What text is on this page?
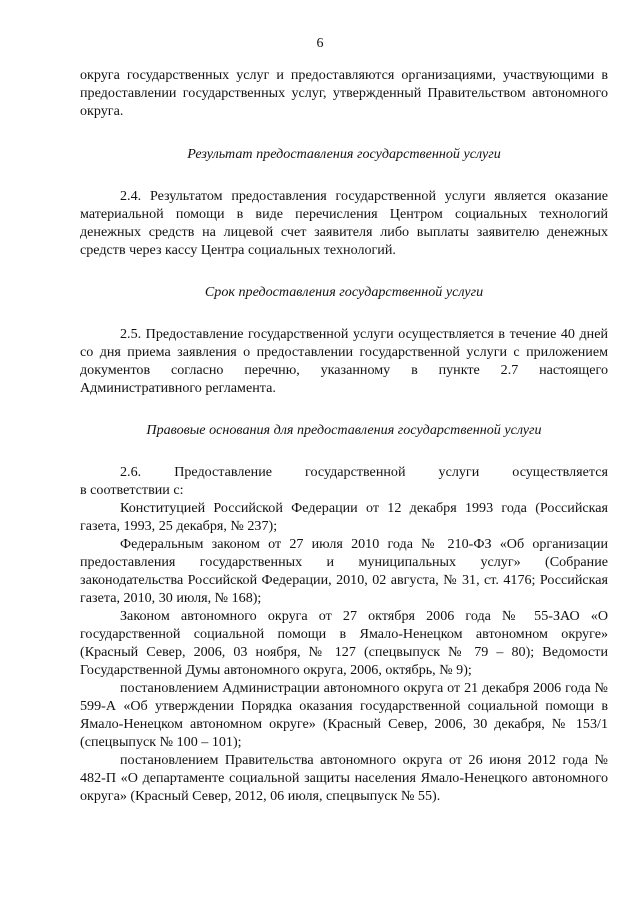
6

округа государственных услуг и предоставляются организациями, участвующими в предоставлении государственных услуг, утвержденный Правительством автономного округа.

Результат предоставления государственной услуги

2.4. Результатом предоставления государственной услуги является оказание материальной помощи в виде перечисления Центром социальных технологий денежных средств на лицевой счет заявителя либо выплаты заявителю денежных средств через кассу Центра социальных технологий.

Срок предоставления государственной услуги

2.5. Предоставление государственной услуги осуществляется в течение 40 дней со дня приема заявления о предоставлении государственной услуги с приложением документов согласно перечню, указанному в пункте 2.7 настоящего Административного регламента.

Правовые основания для предоставления государственной услуги

2.6. Предоставление государственной услуги осуществляется

в соответствии с:

Конституцией Российской Федерации от 12 декабря 1993 года (Российская газета, 1993, 25 декабря, № 237);

Федеральным законом от 27 июля 2010 года № 210-ФЗ «Об организации предоставления государственных и муниципальных услуг» (Собрание законодательства Российской Федерации, 2010, 02 августа, № 31, ст. 4176; Российская газета, 2010, 30 июля, № 168);

Законом автономного округа от 27 октября 2006 года № 55-ЗАО «О государственной социальной помощи в Ямало-Ненецком автономном округе» (Красный Север, 2006, 03 ноября, № 127 (спецвыпуск № 79 – 80); Ведомости Государственной Думы автономного округа, 2006, октябрь, № 9);

постановлением Администрации автономного округа от 21 декабря 2006 года № 599-А «Об утверждении Порядка оказания государственной социальной помощи в Ямало-Ненецком автономном округе» (Красный Север, 2006, 30 декабря, № 153/1 (спецвыпуск № 100 – 101);

постановлением Правительства автономного округа от 26 июня 2012 года № 482-П «О департаменте социальной защиты населения Ямало-Ненецкого автономного округа» (Красный Север, 2012, 06 июля, спецвыпуск № 55).
